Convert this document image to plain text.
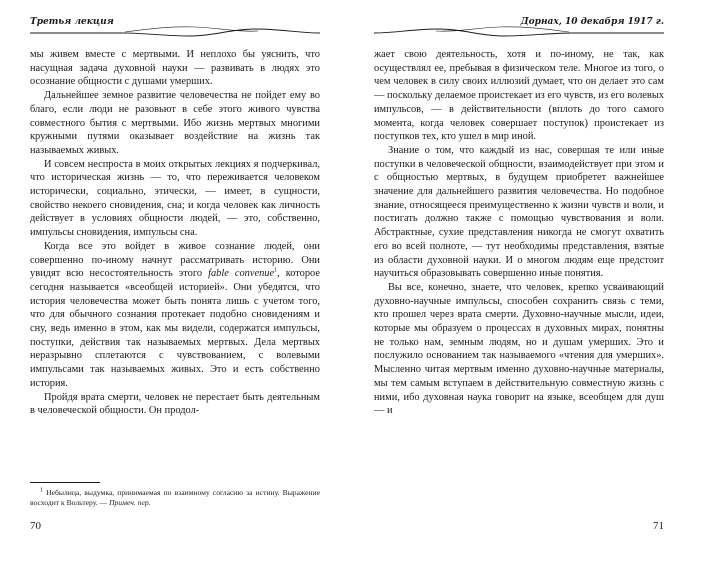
Третья лекция

мы живем вместе с мертвыми. И неплохо бы уяснить, что насущная задача духовной науки — развивать в людях это осознание общности с душами умерших.

Дальнейшее земное развитие человечества не пойдет ему во благо, если люди не разовьют в себе этого живого чувства совместного бытия с мертвыми. Ибо жизнь мертвых многими кружными путями оказывает воздействие на жизнь так называемых живых.

И совсем неспроста в моих открытых лекциях я подчеркивал, что историческая жизнь — то, что переживается человеком исторически, социально, этически, — имеет, в сущности, свойство некоего сновидения, сна; и когда человек как личность действует в условиях общности людей, — это, собственно, импульсы сновидения, импульсы сна.

Когда все это войдет в живое сознание людей, они совершенно по-иному начнут рассматривать историю. Они увидят всю несостоятельность этого fable convenue$^1$, которое сегодня называется «всеобщей историей». Они убедятся, что история человечества может быть понята лишь с учетом того, что для обычного сознания протекает подобно сновидениям и сну, ведь именно в этом, как мы видели, содержатся импульсы, поступки, действия так называемых мертвых. Дела мертвых неразрывно сплетаются с чувствованием, с волевыми импульсами так называемых живых. Это и есть собственно история.

Пройдя врата смерти, человек не перестает быть деятельным в человеческой общности. Он продол-

$^1$ Небылица, выдумка, принимаемая по взаимному согласию за истину. Выражение восходит к Вольтеру. — Примеч. пер.

70
Дорнах, 10 декабря 1917 г.

жает свою деятельность, хотя и по-иному, не так, как осуществлял ее, пребывая в физическом теле. Многое из того, о чем человек в силу своих иллюзий думает, что он делает это сам — поскольку делаемое проистекает из его чувств, из его волевых импульсов, — в действительности (вплоть до того самого момента, когда человек совершает поступок) проистекает из поступков тех, кто ушел в мир иной.

Знание о том, что каждый из нас, совершая те или иные поступки в человеческой общности, взаимодействует при этом и с общностью мертвых, в будущем приобретет важнейшее значение для дальнейшего развития человечества. Но подобное знание, относящееся преимущественно к жизни чувств и воли, и постигать должно также с помощью чувствования и воли. Абстрактные, сухие представления никогда не смогут охватить его во всей полноте, — тут необходимы представления, взятые из области духовной науки. И о многом людям еще предстоит научиться образовывать совершенно иные понятия.

Вы все, конечно, знаете, что человек, крепко усваивающий духовно-научные импульсы, способен сохранить связь с теми, кто прошел через врата смерти. Духовно-научные мысли, идеи, которые мы образуем о процессах в духовных мирах, понятны не только нам, земным людям, но и душам умерших. Это и послужило основанием так называемого «чтения для умерших». Мысленно читая мертвым именно духовно-научные материалы, мы тем самым вступаем в действительную совместную жизнь с ними, ибо духовная наука говорит на языке, всеобщем для душ — и

71
